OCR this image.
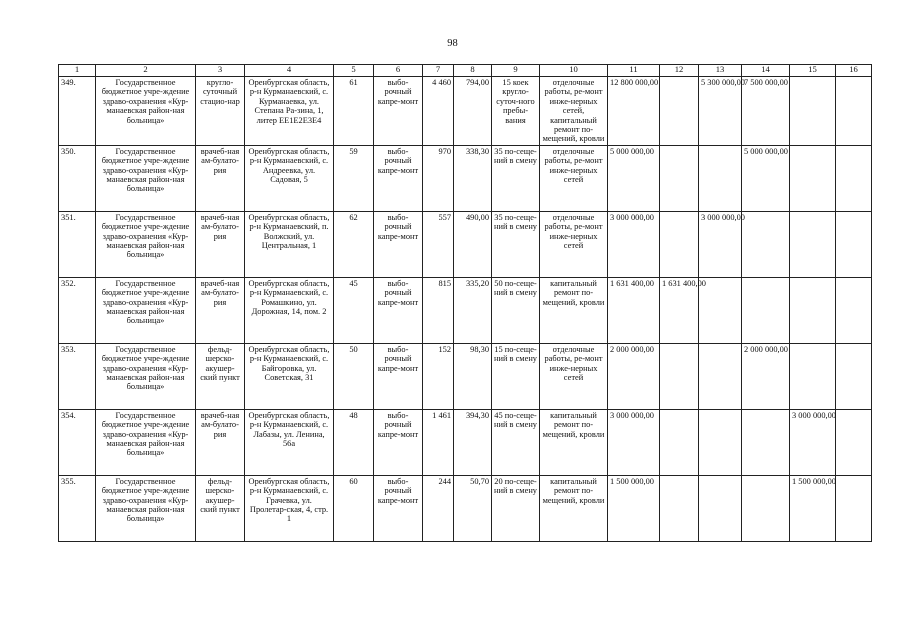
98
1	2	3	4	5	6	7	8	9	10	11	12	13	14	15	16
349.	Государственное бюджетное учре-ждение здраво-охранения «Кур-манаевская район-ная больница»	кругло-суточный стацио-нар	Оренбургская область, р-н Курманаевский, с. Курманаевка, ул. Степана Ра-зина, 1, литер ЕЕ1Е2Е3Е4	61	выбо-рочный капре-монт	4 460	794,00	15 коек кругло-суточ-ного пребы-вания	отделочные работы, ре-монт инже-нерных сетей, капитальный ремонт по-мещений, кровли	12 800 000,00		5 300 000,00	7 500 000,00		
350.	Государственное бюджетное учре-ждение здраво-охранения «Кур-манаевская район-ная больница»	врачеб-ная ам-булато-рия	Оренбургская область, р-н Курманаевский, с. Андреевка, ул. Садовая, 5	59	выбо-рочный капре-монт	970	338,30	35 по-сеще-ний в смену	отделочные работы, ре-монт инже-нерных сетей	5 000 000,00			5 000 000,00		
351.	Государственное бюджетное учре-ждение здраво-охранения «Кур-манаевская район-ная больница»	врачеб-ная ам-булато-рия	Оренбургская область, р-н Курманаевский, п. Волжский, ул. Центральная, 1	62	выбо-рочный капре-монт	557	490,00	35 по-сеще-ний в смену	отделочные работы, ре-монт инже-нерных сетей	3 000 000,00		3 000 000,00			
352.	Государственное бюджетное учре-ждение здраво-охранения «Кур-манаевская район-ная больница»	врачеб-ная ам-булато-рия	Оренбургская область, р-н Курманаевский, с. Ромашкино, ул. Дорожная, 14, пом. 2	45	выбо-рочный капре-монт	815	335,20	50 по-сеще-ний в смену	капитальный ремонт по-мещений, кровли	1 631 400,00	1 631 400,00				
353.	Государственное бюджетное учре-ждение здраво-охранения «Кур-манаевская район-ная больница»	фельд-шерско-акушер-ский пункт	Оренбургская область, р-н Курманаевский, с. Байгоровка, ул. Советская, 31	50	выбо-рочный капре-монт	152	98,30	15 по-сеще-ний в смену	отделочные работы, ре-монт инже-нерных сетей	2 000 000,00			2 000 000,00		
354.	Государственное бюджетное учре-ждение здраво-охранения «Кур-манаевская район-ная больница»	врачеб-ная ам-булато-рия	Оренбургская область, р-н Курманаевский, с. Лабазы, ул. Ленина, 56а	48	выбо-рочный капре-монт	1 461	394,30	45 по-сеще-ний в смену	капитальный ремонт по-мещений, кровли	3 000 000,00				3 000 000,00	
355.	Государственное бюджетное учре-ждение здраво-охранения «Кур-манаевская район-ная больница»	фельд-шерско-акушер-ский пункт	Оренбургская область, р-н Курманаевский, с. Грачевка, ул. Пролетар-ская, 4, стр. 1	60	выбо-рочный капре-монт	244	50,70	20 по-сеще-ний в смену	капитальный ремонт по-мещений, кровли	1 500 000,00				1 500 000,00	
